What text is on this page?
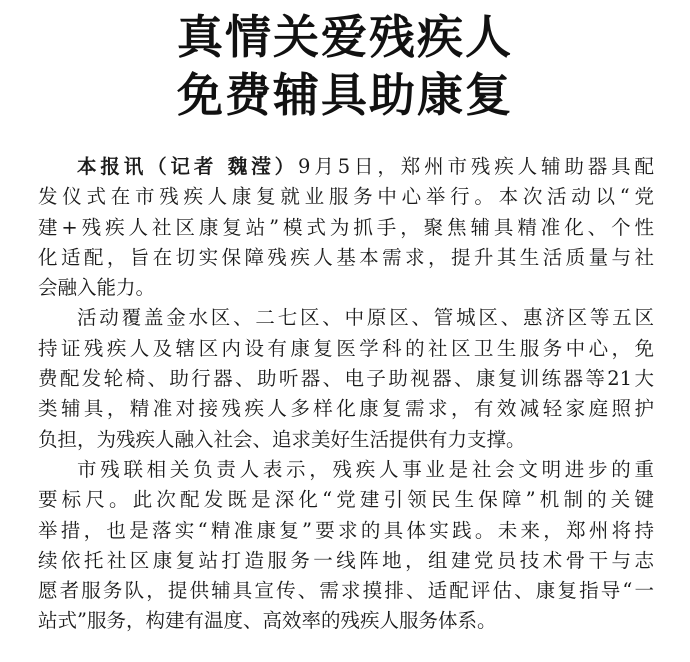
真情关爱残疾人
免费辅具助康复
本报讯（记者 魏滢）9月5日，郑州市残疾人辅助器具配
发仪式在市残疾人康复就业服务中心举行。本次活动以“党
建+残疾人社区康复站”模式为抓手，聚焦辅具精准化、个性
化适配，旨在切实保障残疾人基本需求，提升其生活质量与社
会融入能力。
活动覆盖金水区、二七区、中原区、管城区、惠济区等五区
持证残疾人及辖区内设有康复医学科的社区卫生服务中心，免
费配发轮椅、助行器、助听器、电子助视器、康复训练器等21大
类辅具，精准对接残疾人多样化康复需求，有效减轻家庭照护
负担，为残疾人融入社会、追求美好生活提供有力支撑。
市残联相关负责人表示，残疾人事业是社会文明进步的重
要标尺。此次配发既是深化“党建引领民生保障”机制的关键
举措，也是落实“精准康复”要求的具体实践。未来，郑州将持
续依托社区康复站打造服务一线阵地，组建党员技术骨干与志
愿者服务队，提供辅具宣传、需求摸排、适配评估、康复指导“一
站式”服务，构建有温度、高效率的残疾人服务体系。
